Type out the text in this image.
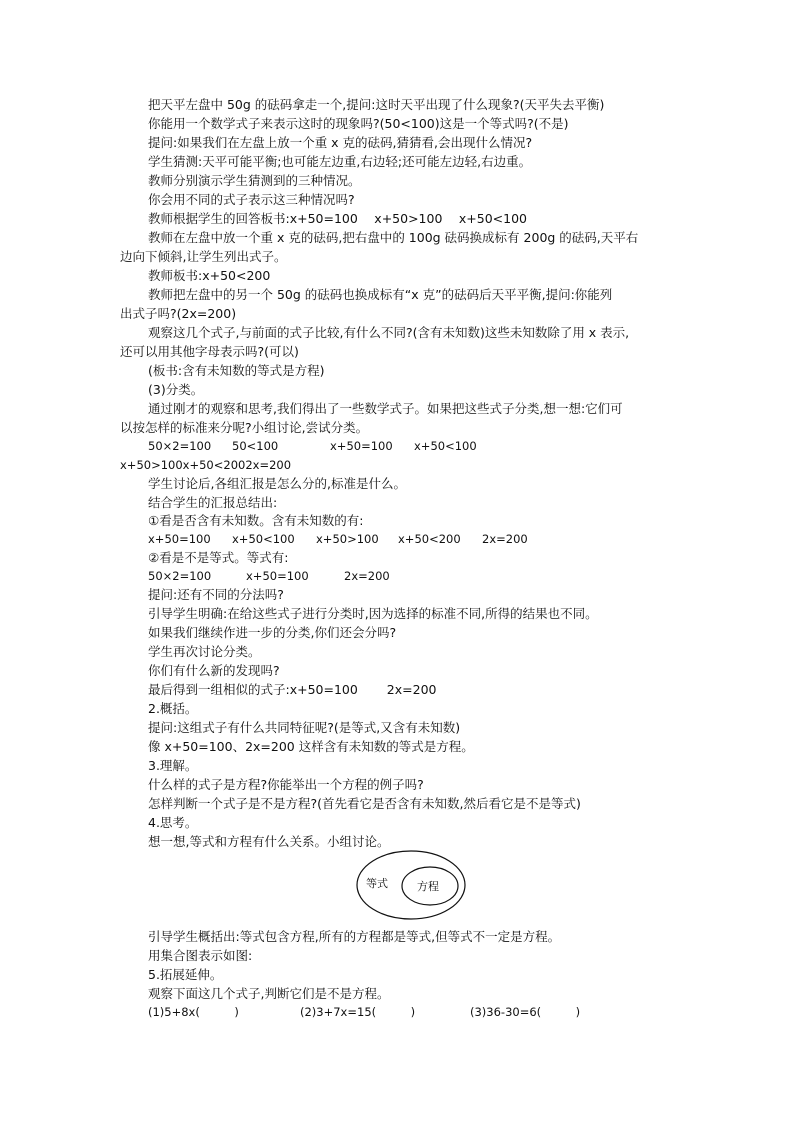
把天平左盘中 50g 的砝码拿走一个,提问:这时天平出现了什么现象?(天平失去平衡)
你能用一个数学式子来表示这时的现象吗?(50<100)这是一个等式吗?(不是)
提问:如果我们在左盘上放一个重 x 克的砝码,猜猜看,会出现什么情况?
学生猜测:天平可能平衡;也可能左边重,右边轻;还可能左边轻,右边重。
教师分别演示学生猜测到的三种情况。
你会用不同的式子表示这三种情况吗?
教师根据学生的回答板书:x+50=100　 x+50>100　 x+50<100
教师在左盘中放一个重 x 克的砝码,把右盘中的 100g 砝码换成标有 200g 的砝码,天平右
边向下倾斜,让学生列出式子。
教师板书:x+50<200
教师把左盘中的另一个 50g 的砝码也换成标有“x 克”的砝码后天平平衡,提问:你能列
出式子吗?(2x=200)
观察这几个式子,与前面的式子比较,有什么不同?(含有未知数)这些未知数除了用 x 表示,
还可以用其他字母表示吗?(可以)
(板书:含有未知数的等式是方程)
(3)分类。
通过刚才的观察和思考,我们得出了一些数学式子。如果把这些式子分类,想一想:它们可
以按怎样的标准来分呢?小组讨论,尝试分类。
50×2=100 50<100	x+50=100 x+50<100
x+50>100x+50<2002x=200
学生讨论后,各组汇报是怎么分的,标准是什么。
结合学生的汇报总结出:
①看是否含有未知数。含有未知数的有:
x+50=100 x+50<100 x+50>100 x+50<200 2x=200
②看是不是等式。等式有:
50×2=100	x+50=100	2x=200
提问:还有不同的分法吗?
引导学生明确:在给这些式子进行分类时,因为选择的标准不同,所得的结果也不同。
如果我们继续作进一步的分类,你们还会分吗?
学生再次讨论分类。
你们有什么新的发现吗?
最后得到一组相似的式子:x+50=100　　 2x=200
2.概括。
提问:这组式子有什么共同特征呢?(是等式,又含有未知数)
像 x+50=100、2x=200 这样含有未知数的等式是方程。
3.理解。
什么样的式子是方程?你能举出一个方程的例子吗?
怎样判断一个式子是不是方程?(首先看它是否含有未知数,然后看它是不是等式)
4.思考。
想一想,等式和方程有什么关系。小组讨论。
等式	方程
引导学生概括出:等式包含方程,所有的方程都是等式,但等式不一定是方程。
用集合图表示如图:
5.拓展延伸。
观察下面这几个式子,判断它们是不是方程。
(1)5+8x(　　　)	(2)3+7x=15(　　　)	(3)36-30=6(　　　)
